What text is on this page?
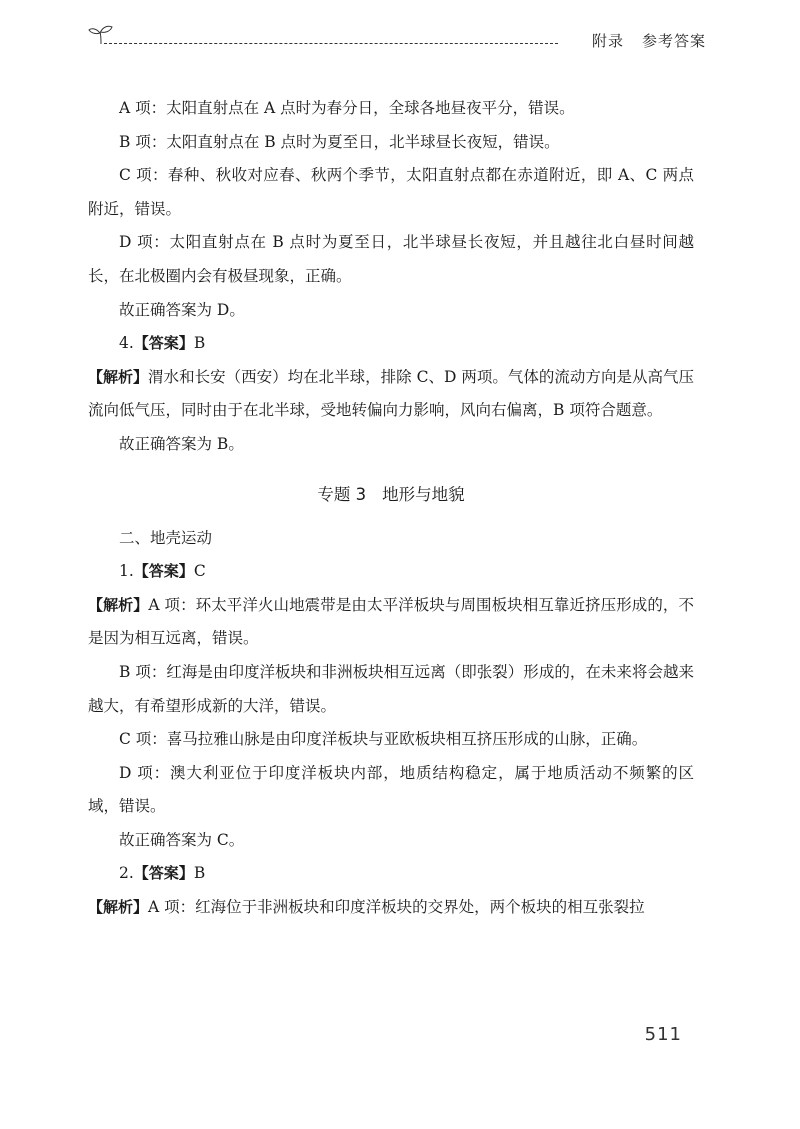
附录 参考答案

A 项：太阳直射点在 A 点时为春分日，全球各地昼夜平分，错误。

B 项：太阳直射点在 B 点时为夏至日，北半球昼长夜短，错误。

C 项：春种、秋收对应春、秋两个季节，太阳直射点都在赤道附近，即 A、C 两点附近，错误。

D 项：太阳直射点在 B 点时为夏至日，北半球昼长夜短，并且越往北白昼时间越长，在北极圈内会有极昼现象，正确。

故正确答案为 D。

4.【答案】B

【解析】渭水和长安（西安）均在北半球，排除 C、D 两项。气体的流动方向是从高气压流向低气压，同时由于在北半球，受地转偏向力影响，风向右偏离，B 项符合题意。

故正确答案为 B。

专题 3 地形与地貌

二、地壳运动

1.【答案】C

【解析】A 项：环太平洋火山地震带是由太平洋板块与周围板块相互靠近挤压形成的，不是因为相互远离，错误。

B 项：红海是由印度洋板块和非洲板块相互远离（即张裂）形成的，在未来将会越来越大，有希望形成新的大洋，错误。

C 项：喜马拉雅山脉是由印度洋板块与亚欧板块相互挤压形成的山脉，正确。

D 项：澳大利亚位于印度洋板块内部，地质结构稳定，属于地质活动不频繁的区域，错误。

故正确答案为 C。

2.【答案】B

【解析】A 项：红海位于非洲板块和印度洋板块的交界处，两个板块的相互张裂拉

511
